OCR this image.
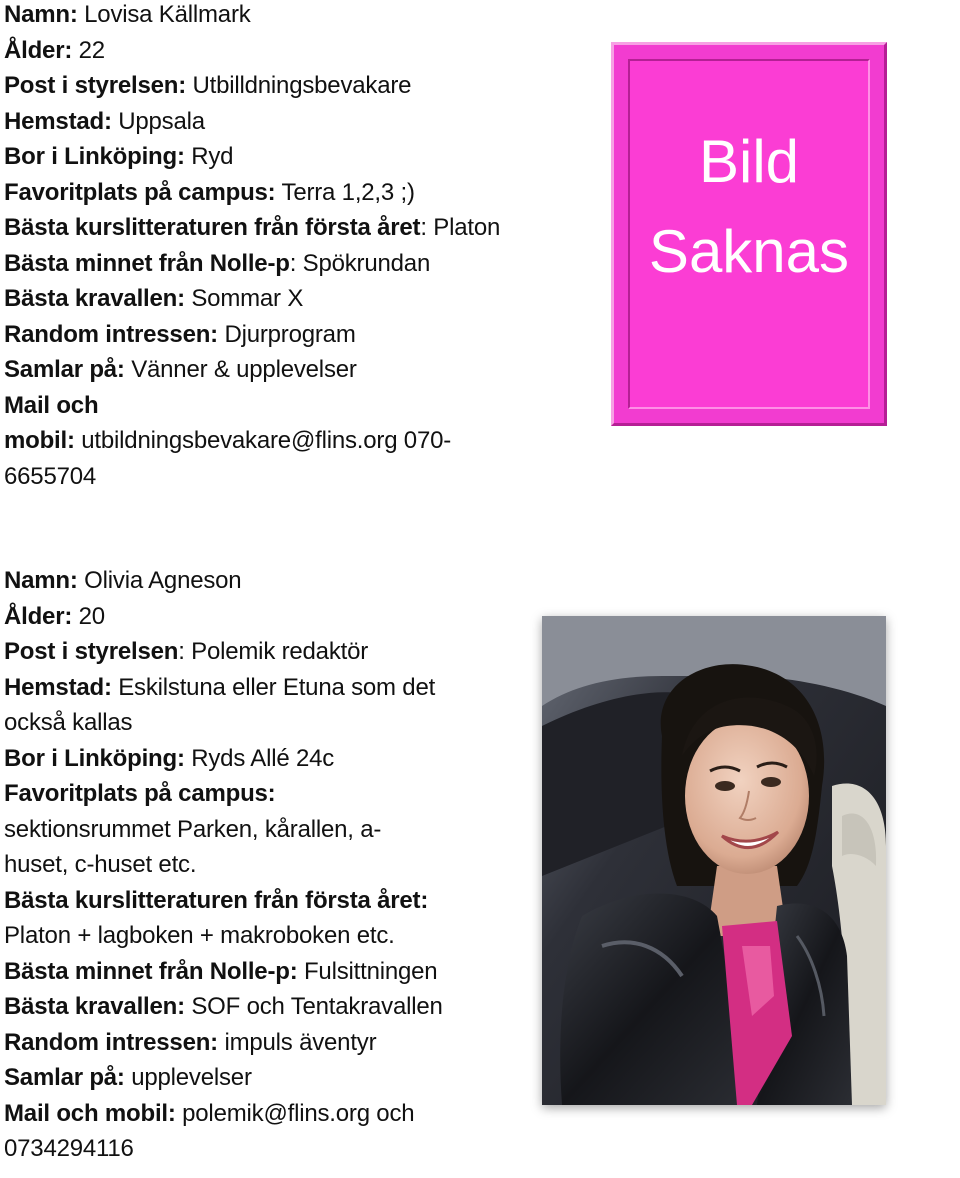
Namn: Lovisa Källmark
Ålder: 22
Post i styrelsen: Utbilldningsbevakare
Hemstad: Uppsala
Bor i Linköping: Ryd
Favoritplats på campus: Terra 1,2,3 ;)
Bästa kurslitteraturen från första året: Platon
Bästa minnet från Nolle-p: Spökrundan
Bästa kravallen: Sommar X
Random intressen: Djurprogram
Samlar på: Vänner & upplevelser
Mail och
mobil: utbildningsbevakare@flins.org 070-
6655704
Bild
Saknas
Namn: Olivia Agneson
Ålder: 20
Post i styrelsen: Polemik redaktör
Hemstad: Eskilstuna eller Etuna som det
också kallas
Bor i Linköping: Ryds Allé 24c
Favoritplats på campus:
sektionsrummet Parken, kårallen, a-
huset, c-huset etc.
Bästa kurslitteraturen från första året:
Platon + lagboken + makroboken etc.
Bästa minnet från Nolle-p: Fulsittningen
Bästa kravallen: SOF och Tentakravallen
Random intressen: impuls äventyr
Samlar på: upplevelser
Mail och mobil: polemik@flins.org och
0734294116
